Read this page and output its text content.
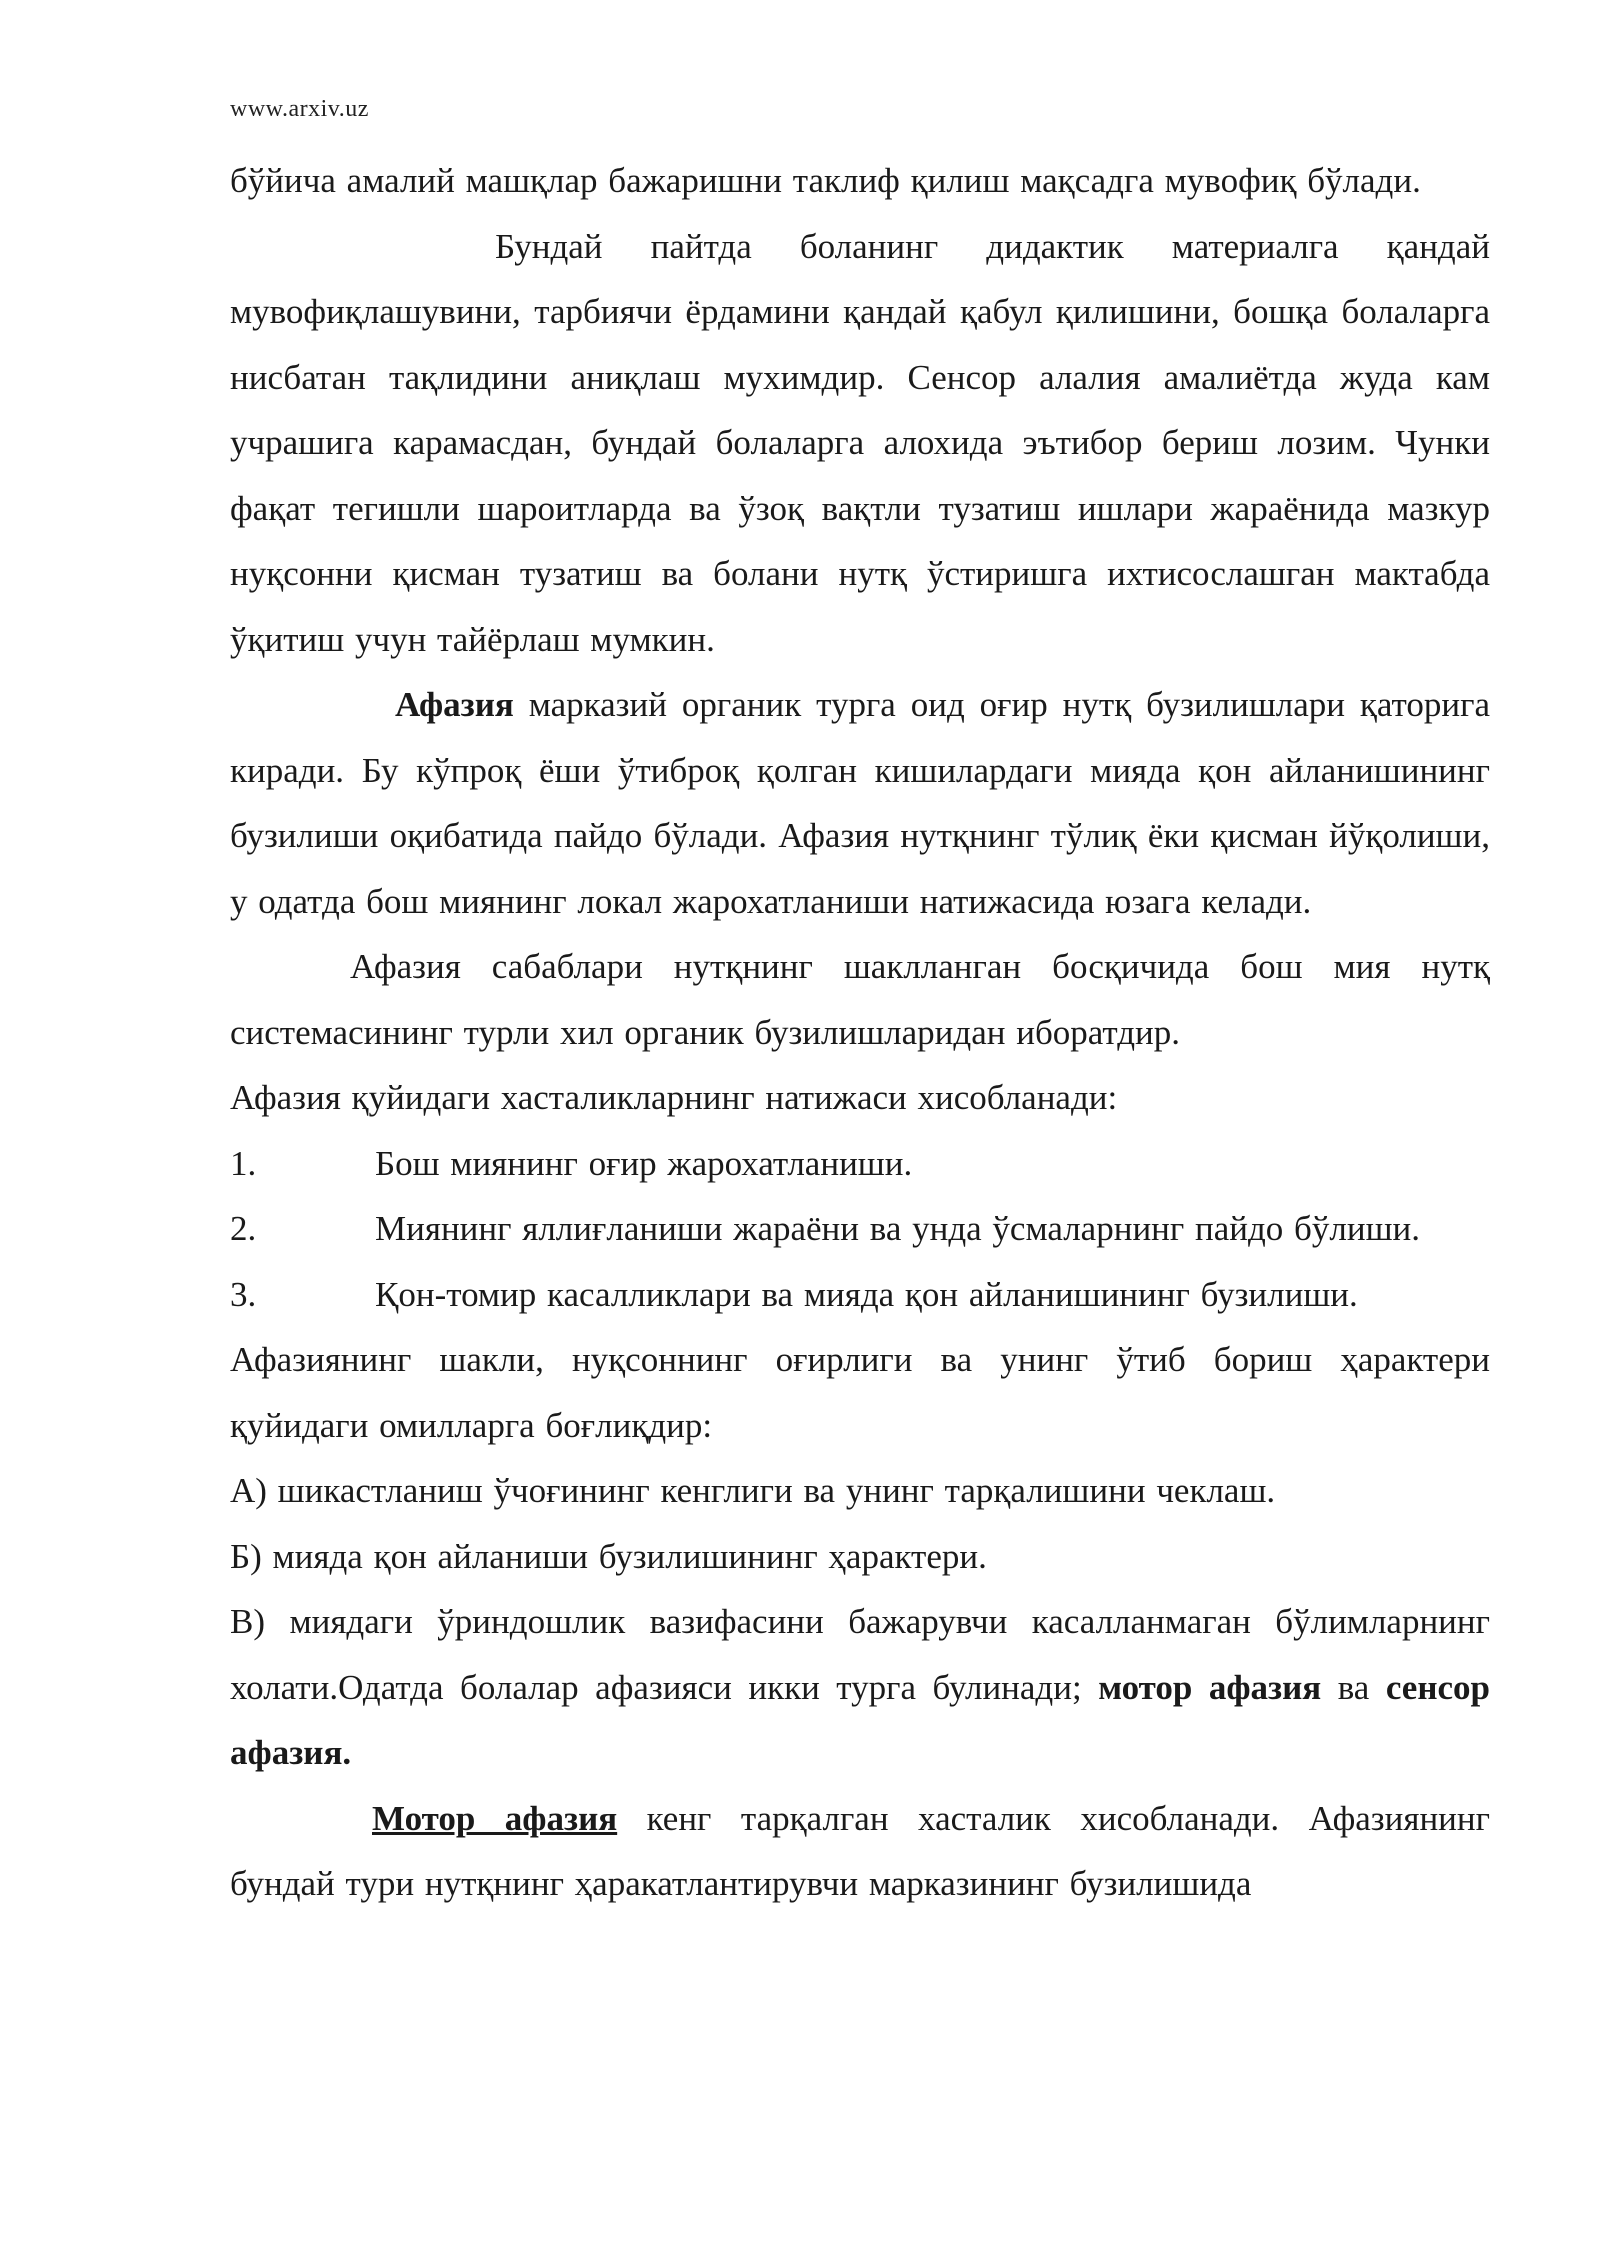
www.arxiv.uz

бўйича амалий машқлар бажаришни таклиф қилиш мақсадга мувофиқ бўлади.

Бундай пайтда боланинг дидактик материалга қандай мувофиқлашувини, тарбиячи ёрдамини қандай қабул қилишини, бошқа болаларга нисбатан тақлидини аниқлаш мухимдир. Сенсор алалия амалиётда жуда кам учрашига карамасдан, бундай болаларга алохида эътибор бериш лозим. Чунки фақат тегишли шароитларда ва ўзоқ вақтли тузатиш ишлари жараёнида мазкур нуқсонни қисман тузатиш ва болани нутқ ўстиришга ихтисослашган мактабда ўқитиш учун тайёрлаш мумкин.

Афазия марказий органик турга оид оғир нутқ бузилишлари қаторига киради. Бу кўпроқ ёши ўтиброқ қолган кишилардаги мияда қон айланишининг бузилиши оқибатида пайдо бўлади. Афазия нутқнинг тўлиқ ёки қисман йўқолиши, у одатда бош миянинг локал жарохатланиши натижасида юзага келади.

Афазия сабаблари нутқнинг шаклланган босқичида бош мия нутқ системасининг турли хил органик бузилишларидан иборатдир.

Афазия қуйидаги хасталикларнинг натижаси хисобланади:

1.	Бош миянинг оғир жарохатланиши.

2.	Миянинг яллиғланиши жараёни ва унда ўсмаларнинг пайдо бўлиши.

3.	Қон-томир касалликлари ва мияда қон айланишининг бузилиши.

Афазиянинг шакли, нуқсоннинг оғирлиги ва унинг ўтиб бориш ҳарактери қуйидаги омилларга боғлиқдир:

А) шикастланиш ўчоғининг кенглиги ва унинг тарқалишини чеклаш.

Б) мияда қон айланиши бузилишининг ҳарактери.

В) миядаги ўриндошлик вазифасини бажарувчи касалланмаган бўлимларнинг холати.Одатда болалар афазияси икки турга булинади; мотор афазия ва сенсор афазия.

Мотор афазия кенг тарқалган хасталик хисобланади. Афазиянинг бундай тури нутқнинг ҳаракатлантирувчи марказининг бузилишида
